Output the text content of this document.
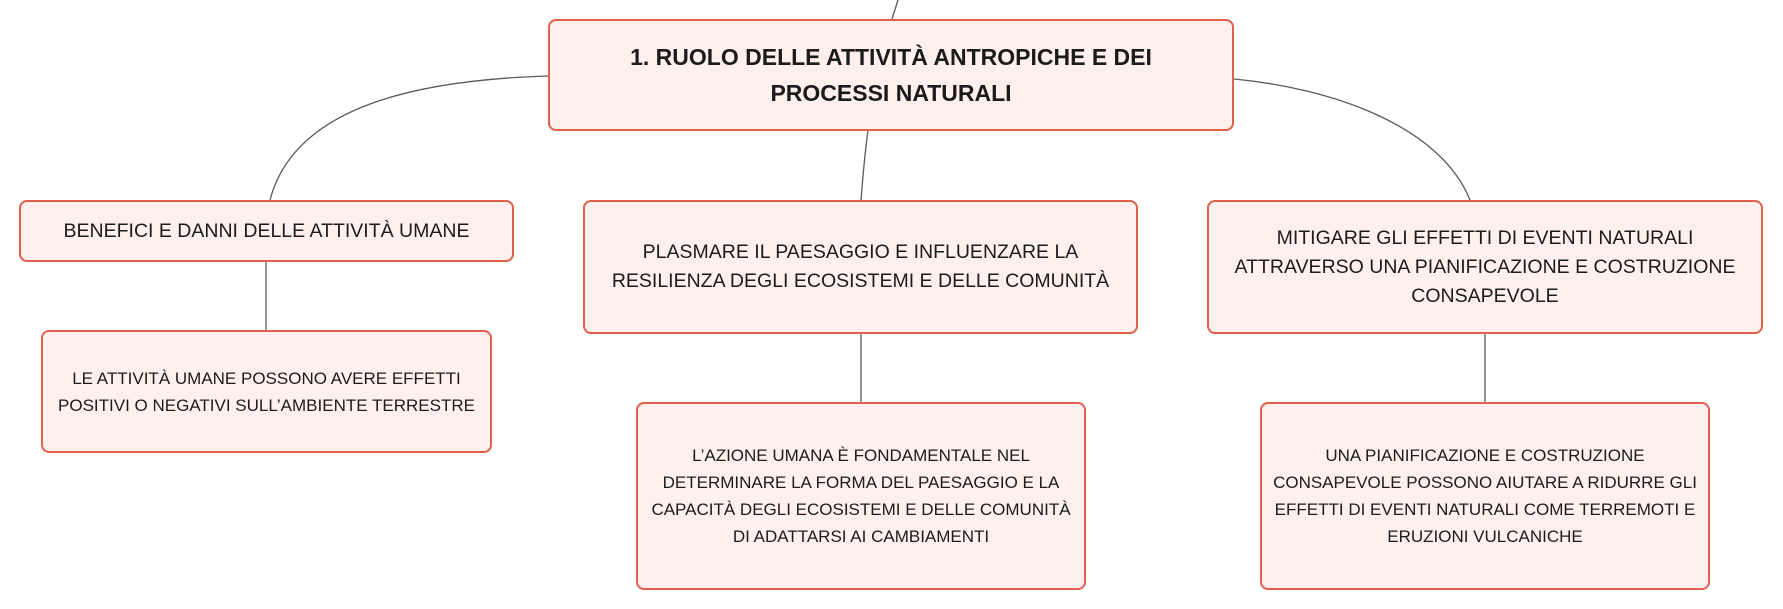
1. RUOLO DELLE ATTIVITÀ ANTROPICHE E DEI PROCESSI NATURALI
BENEFICI E DANNI DELLE ATTIVITÀ UMANE
PLASMARE IL PAESAGGIO E INFLUENZARE LA RESILIENZA DEGLI ECOSISTEMI E DELLE COMUNITÀ
MITIGARE GLI EFFETTI DI EVENTI NATURALI ATTRAVERSO UNA PIANIFICAZIONE E COSTRUZIONE CONSAPEVOLE
LE ATTIVITÀ UMANE POSSONO AVERE EFFETTI POSITIVI O NEGATIVI SULL’AMBIENTE TERRESTRE
L’AZIONE UMANA È FONDAMENTALE NEL DETERMINARE LA FORMA DEL PAESAGGIO E LA CAPACITÀ DEGLI ECOSISTEMI E DELLE COMUNITÀ DI ADATTARSI AI CAMBIAMENTI
UNA PIANIFICAZIONE E COSTRUZIONE CONSAPEVOLE POSSONO AIUTARE A RIDURRE GLI EFFETTI DI EVENTI NATURALI COME TERREMOTI E ERUZIONI VULCANICHE
